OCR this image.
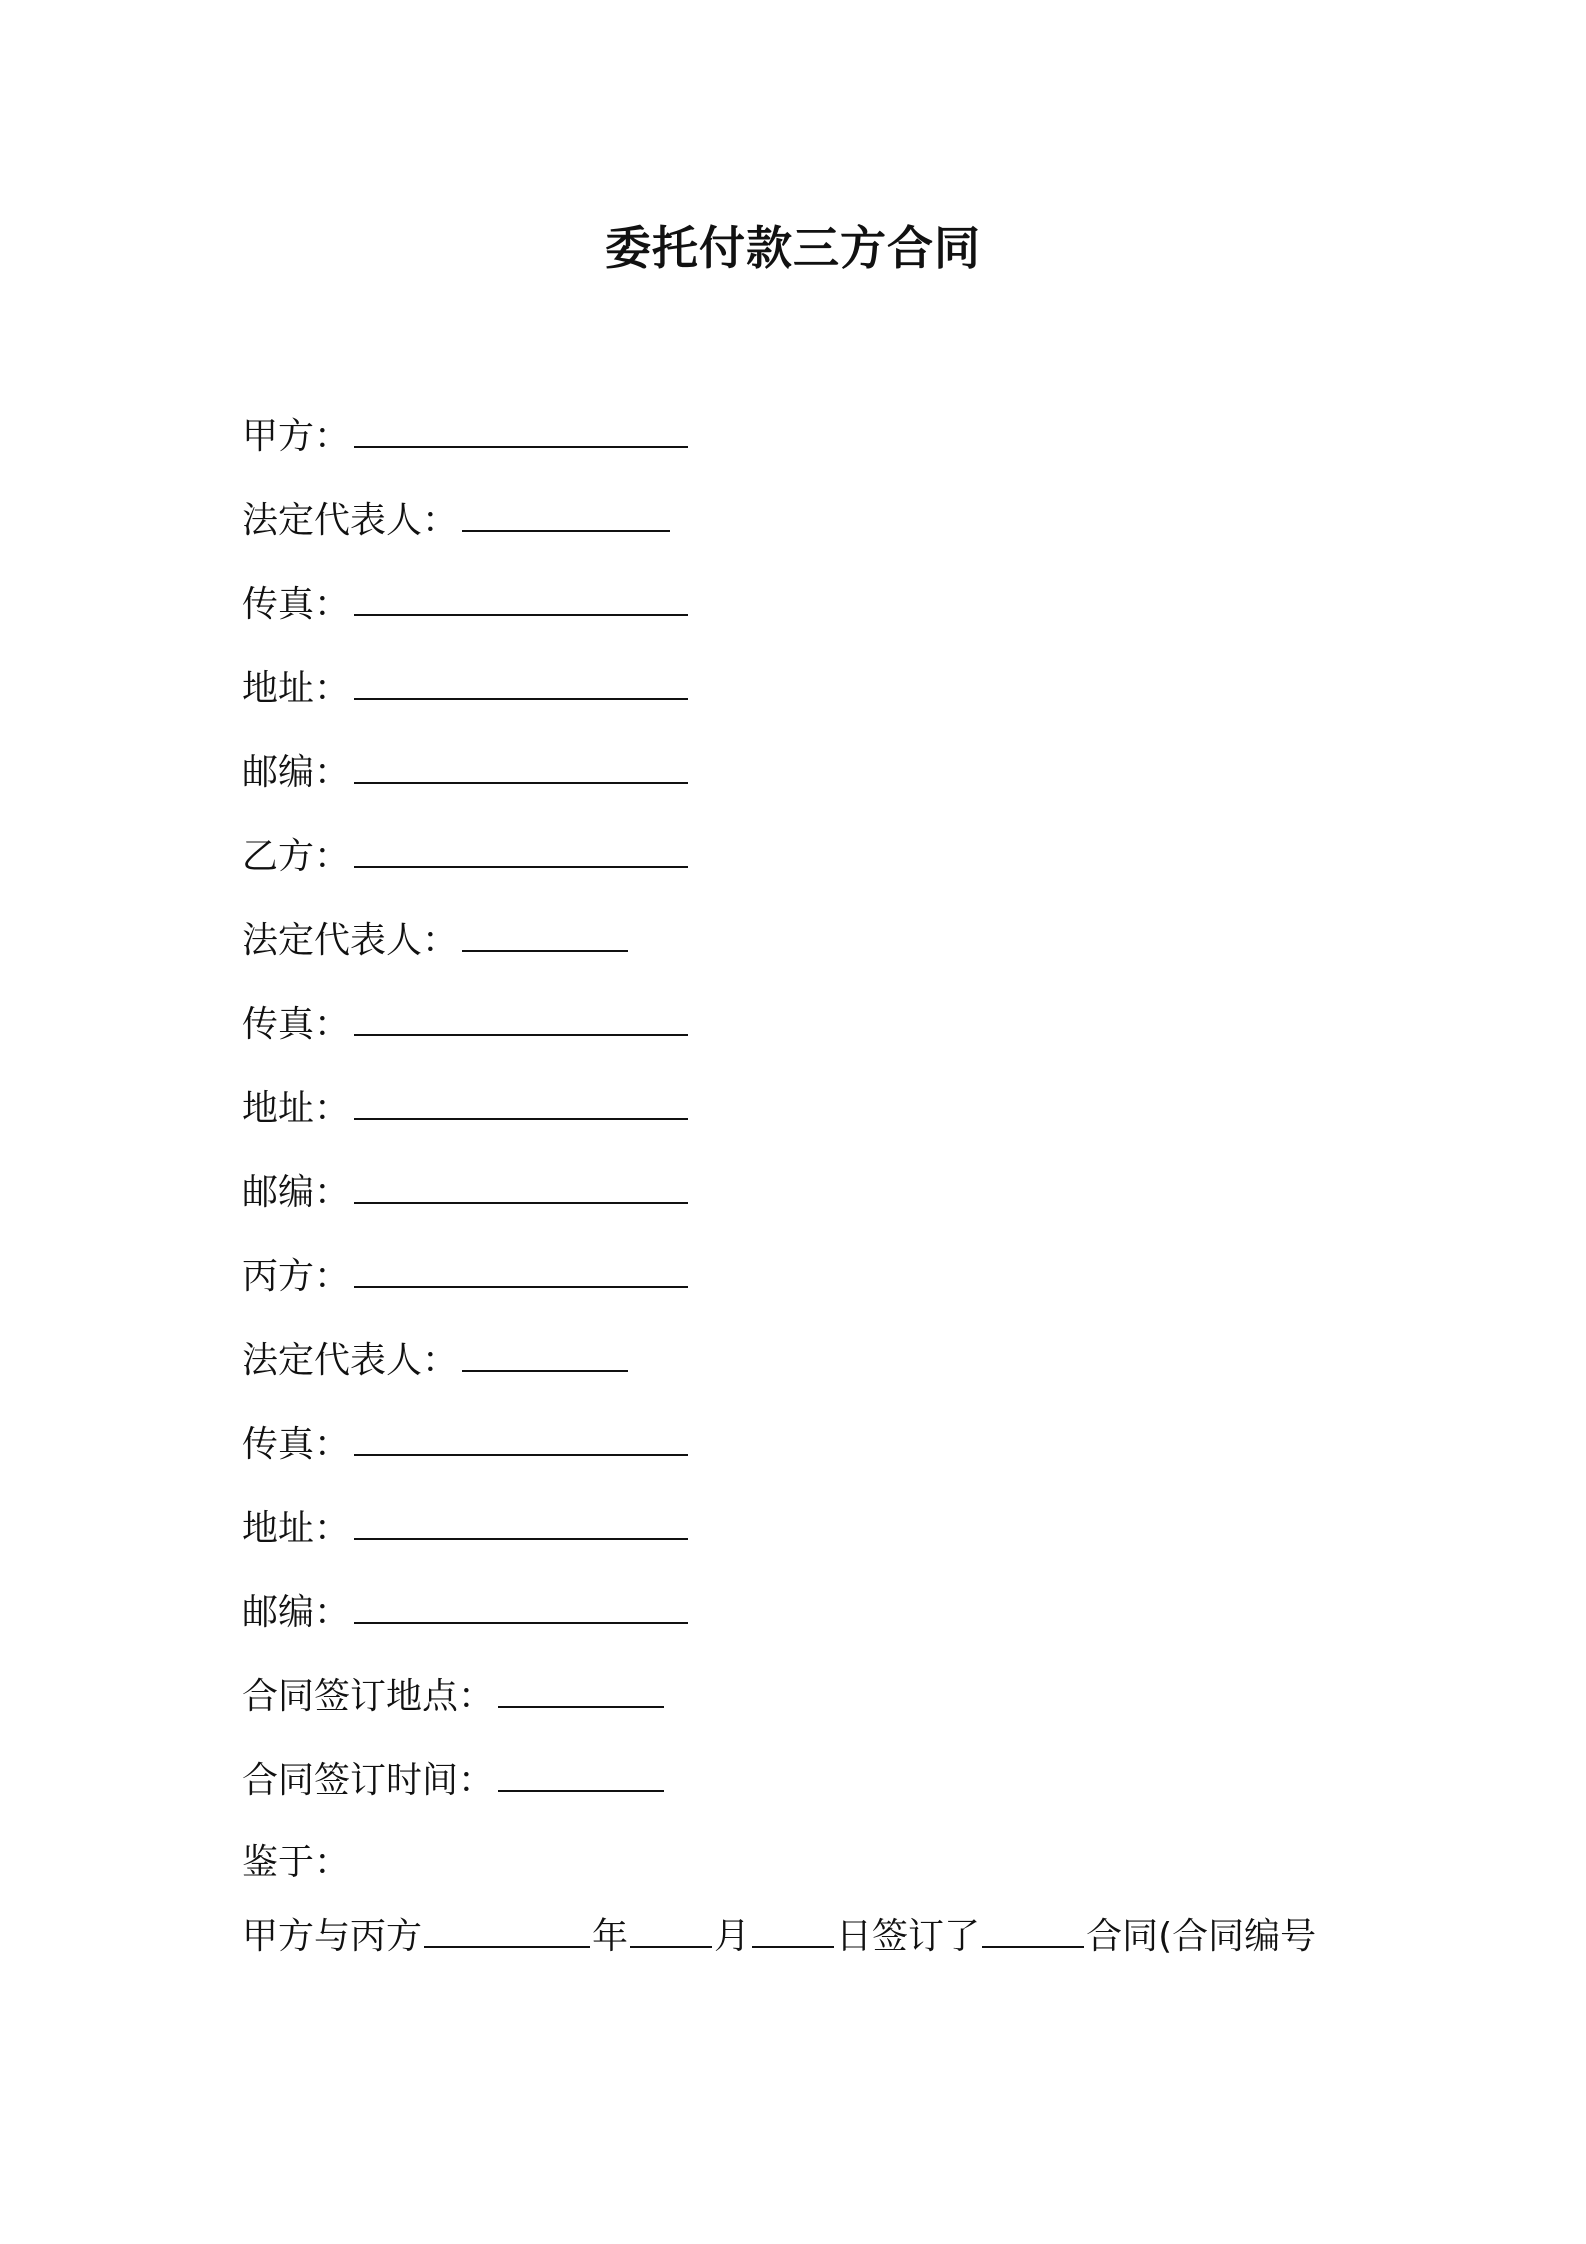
委托付款三方合同
甲方：
法定代表人：
传真：
地址：
邮编：
乙方：
法定代表人：
传真：
地址：
邮编：
丙方：
法定代表人：
传真：
地址：
邮编：
合同签订地点：
合同签订时间：
鉴于：

甲方与丙方	年 月 日签订了	合同(合同编号
